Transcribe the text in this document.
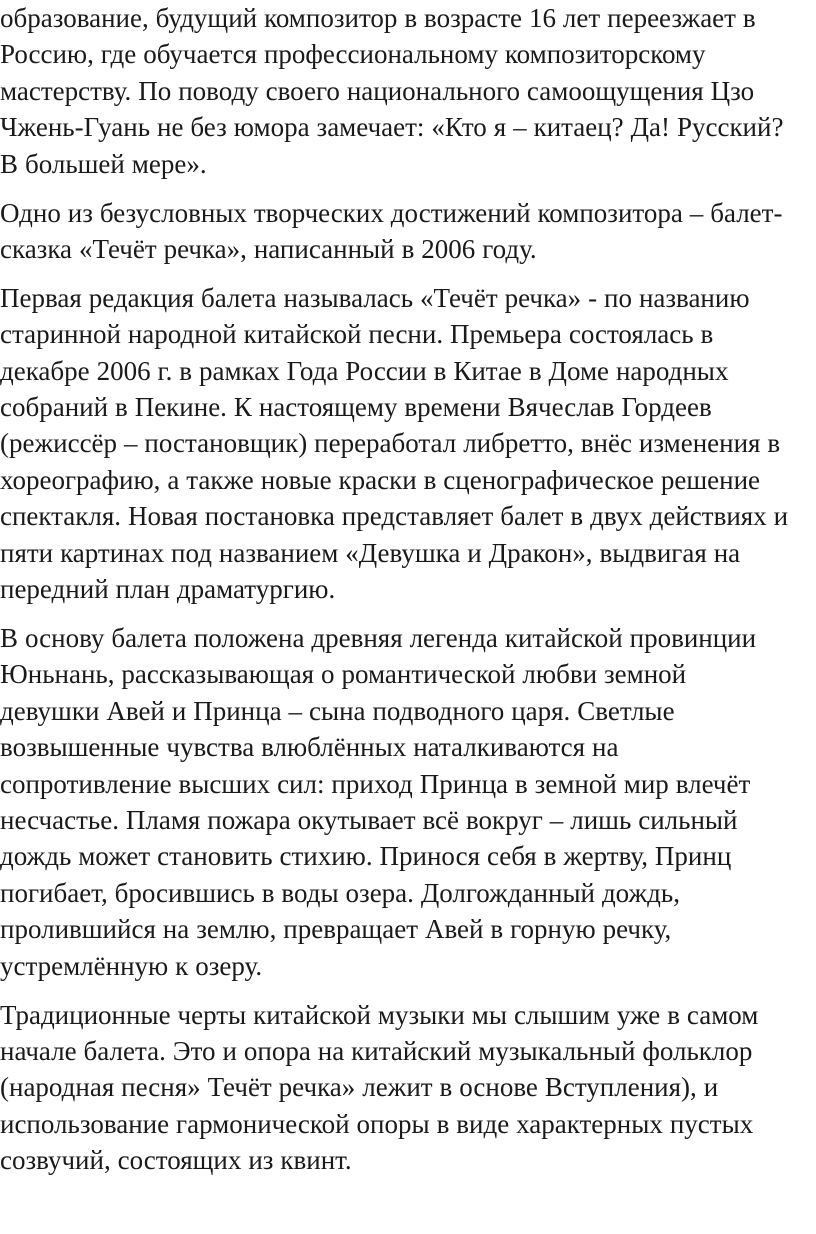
образование, будущий композитор в возрасте 16 лет переезжает в
Россию, где обучается профессиональному композиторскому
мастерству. По поводу своего национального самоощущения Цзо
Чжень-Гуань не без юмора замечает: «Кто я – китаец? Да! Русский?
В большей мере».
Одно из безусловных творческих достижений композитора – балет-
сказка «Течёт речка», написанный в 2006 году.
Первая редакция балета называлась «Течёт речка» - по названию
старинной народной китайской песни. Премьера состоялась в
декабре 2006 г. в рамках Года России в Китае в Доме народных
собраний в Пекине. К настоящему времени Вячеслав Гордеев
(режиссёр – постановщик) переработал либретто, внёс изменения в
хореографию, а также новые краски в сценографическое решение
спектакля. Новая постановка представляет балет в двух действиях и
пяти картинах под названием «Девушка и Дракон», выдвигая на
передний план драматургию.
В основу балета положена древняя легенда китайской провинции
Юньнань, рассказывающая о романтической любви земной
девушки Авей и Принца – сына подводного царя. Светлые
возвышенные чувства влюблённых наталкиваются на
сопротивление высших сил: приход Принца в земной мир влечёт
несчастье. Пламя пожара окутывает всё вокруг – лишь сильный
дождь может становить стихию. Принося себя в жертву, Принц
погибает, бросившись в воды озера. Долгожданный дождь,
пролившийся на землю, превращает Авей в горную речку,
устремлённую к озеру.
Традиционные черты китайской музыки мы слышим уже в самом
начале балета. Это и опора на китайский музыкальный фольклор
(народная песня» Течёт речка» лежит в основе Вступления), и
использование гармонической опоры в виде характерных пустых
созвучий, состоящих из квинт.
